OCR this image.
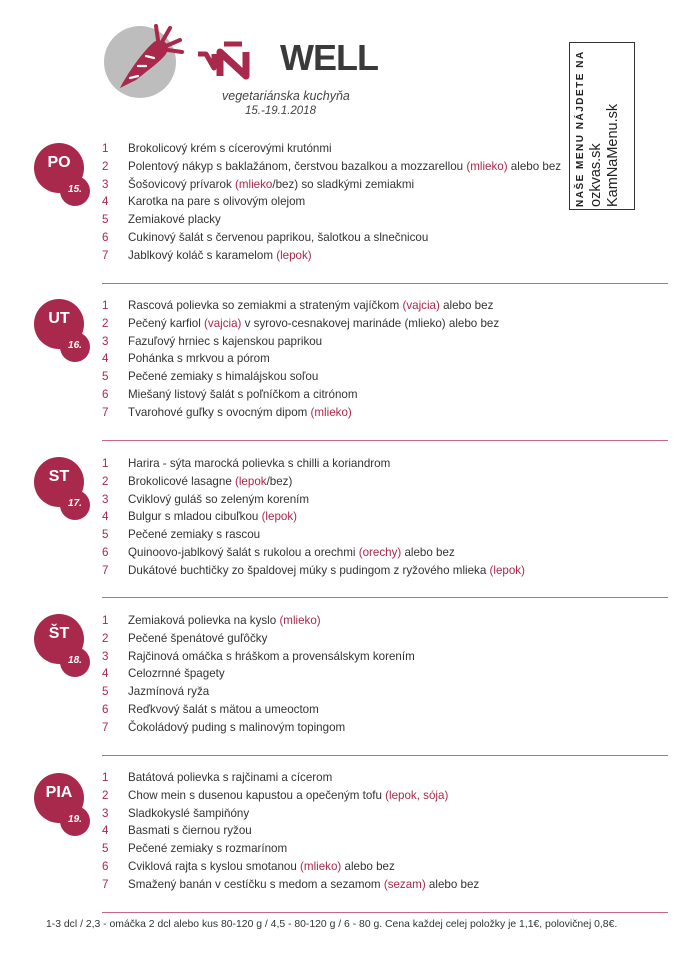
WELL
vegetariánska kuchyňa
15.-19.1.2018	NAŠE MENU NÁJDETE NA ozkvas.sk KamNaMenu.sk
PO
15.
1 Brokolicový krém s cícerovými krutónmi
2 Polentový nákyp s baklažánom, čerstvou bazalkou a mozzarellou (mlieko) alebo bez
3 Šošovicový prívarok (mlieko/bez) so sladkými zemiakmi
4 Karotka na pare s olivovým olejom
5 Zemiakové placky
6 Cukinový šalát s červenou paprikou, šalotkou a slnečnicou
7 Jablkový koláč s karamelom (lepok)
UT
16.
1 Rascová polievka so zemiakmi a strateným vajíčkom (vajcia) alebo bez
2 Pečený karfiol (vajcia) v syrovo-cesnakovej marináde (mlieko) alebo bez
3 Fazuľový hrniec s kajenskou paprikou
4 Pohánka s mrkvou a pórom
5 Pečené zemiaky s himalájskou soľou
6 Miešaný listový šalát s poľníčkom a citrónom
7 Tvarohové guľky s ovocným dipom (mlieko)
ST
17.
1 Harira - sýta marocká polievka s chilli a koriandrom
2 Brokolicové lasagne (lepok/bez)
3 Cviklový guláš so zeleným korením
4 Bulgur s mladou cibuľkou (lepok)
5 Pečené zemiaky s rascou
6 Quinoovo-jablkový šalát s rukolou a orechmi (orechy) alebo bez
7 Dukátové buchtičky zo špaldovej múky s pudingom z ryžového mlieka (lepok)
ŠT
18.
1 Zemiaková polievka na kyslo (mlieko)
2 Pečené špenátové guľôčky
3 Rajčinová omáčka s hráškom a provensálskym korením
4 Celozrnné špagety
5 Jazmínová ryža
6 Reďkvový šalát s mätou a umeoctom
7 Čokoládový puding s malinovým topingom
PIA
19.
1 Batátová polievka s rajčinami a cícerom
2 Chow mein s dusenou kapustou a opečeným tofu (lepok, sója)
3 Sladkokyslé šampiňóny
4 Basmati s čiernou ryžou
5 Pečené zemiaky s rozmarínom
6 Cviklová rajta s kyslou smotanou (mlieko) alebo bez
7 Smažený banán v cestíčku s medom a sezamom (sezam) alebo bez
1-3 dcl / 2,3 - omáčka 2 dcl alebo kus 80-120 g / 4,5 - 80-120 g / 6 - 80 g. Cena každej celej položky je 1,1€, polovičnej 0,8€.
